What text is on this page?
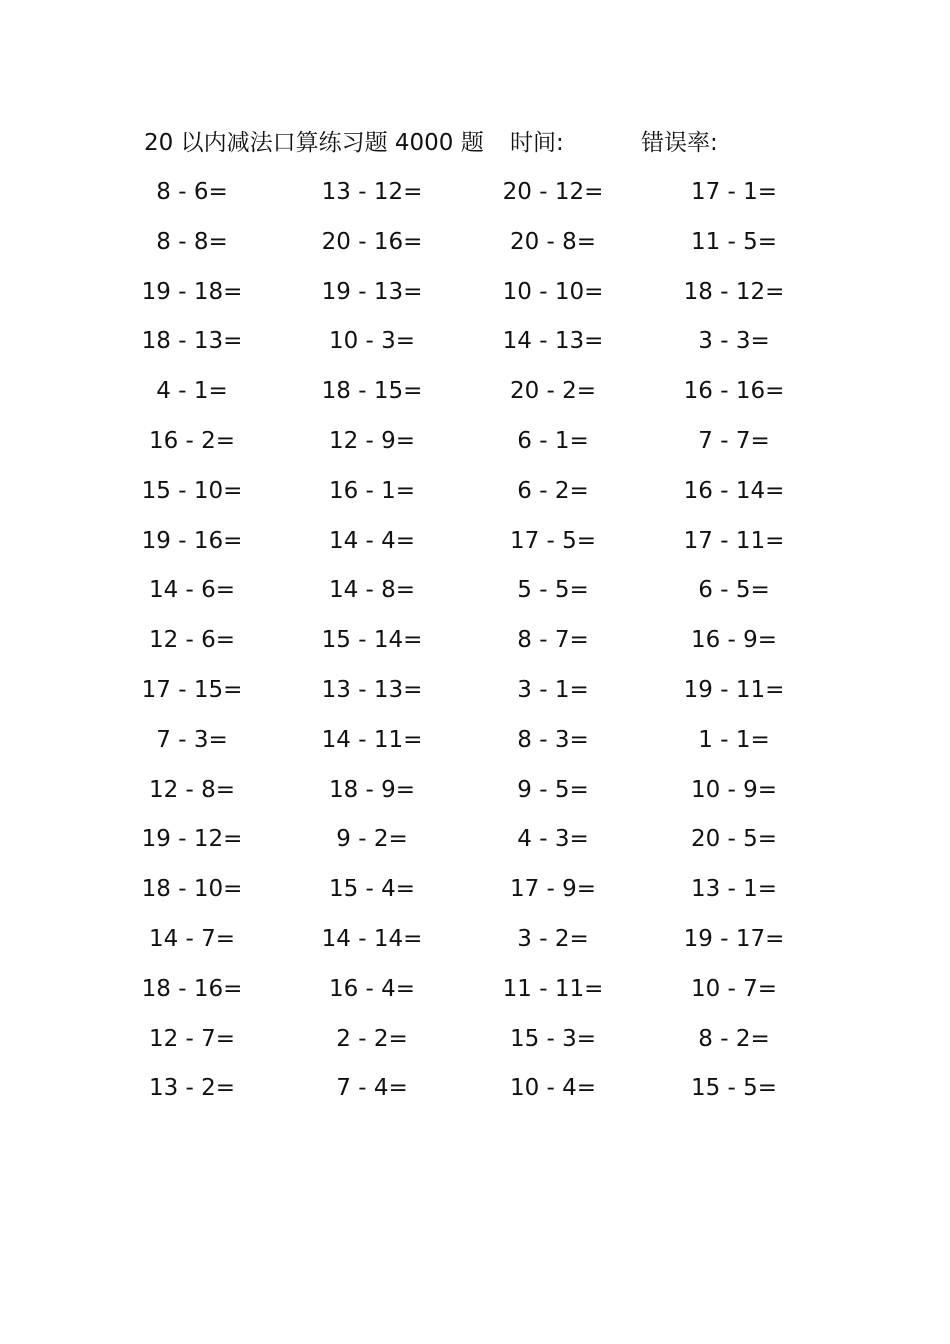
20 以内减法口算练习题 4000 题 时间:	错误率:
8 - 6=	13 - 12=	20 - 12=	17 - 1=
8 - 8=	20 - 16=	20 - 8=	11 - 5=
19 - 18=	19 - 13=	10 - 10=	18 - 12=
18 - 13=	10 - 3=	14 - 13=	3 - 3=
4 - 1=	18 - 15=	20 - 2=	16 - 16=
16 - 2=	12 - 9=	6 - 1=	7 - 7=
15 - 10=	16 - 1=	6 - 2=	16 - 14=
19 - 16=	14 - 4=	17 - 5=	17 - 11=
14 - 6=	14 - 8=	5 - 5=	6 - 5=
12 - 6=	15 - 14=	8 - 7=	16 - 9=
17 - 15=	13 - 13=	3 - 1=	19 - 11=
7 - 3=	14 - 11=	8 - 3=	1 - 1=
12 - 8=	18 - 9=	9 - 5=	10 - 9=
19 - 12=	9 - 2=	4 - 3=	20 - 5=
18 - 10=	15 - 4=	17 - 9=	13 - 1=
14 - 7=	14 - 14=	3 - 2=	19 - 17=
18 - 16=	16 - 4=	11 - 11=	10 - 7=
12 - 7=	2 - 2=	15 - 3=	8 - 2=
13 - 2=	7 - 4=	10 - 4=	15 - 5=
